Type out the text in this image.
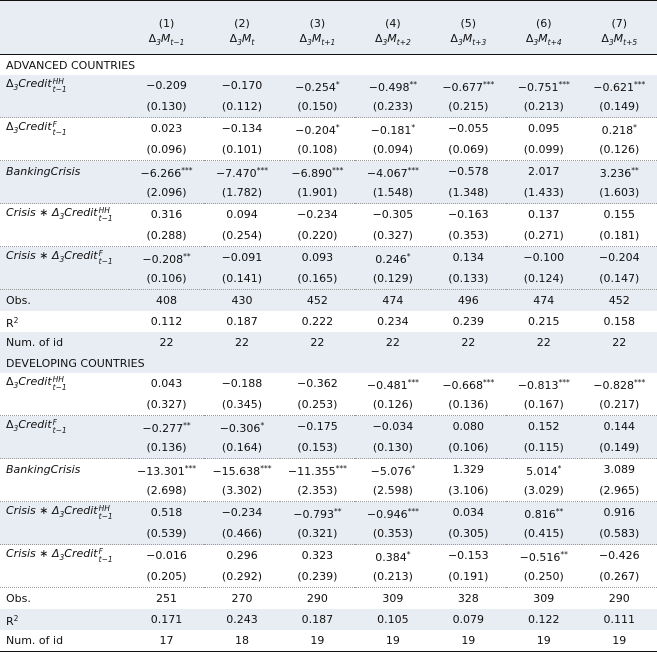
	(1)	(2)	(3)	(4)	(5)	(6)	(7)
	$\Delta_3M_{t-1}$	$\Delta_3M_t$	$\Delta_3M_{t+1}$	$\Delta_3M_{t+2}$	$\Delta_3M_{t+3}$	$\Delta_3M_{t+4}$	$\Delta_3M_{t+5}$
ADVANCED COUNTRIES							
$\Delta_3Credit$ HH
t−1	−0.209	−0.170	−0.254*	−0.498**	−0.677***	−0.751***	−0.621***
	(0.130)	(0.112)	(0.150)	(0.233)	(0.215)	(0.213)	(0.149)
$\Delta_3Credit$ F
t−1	0.023	−0.134	−0.204*	−0.181*	−0.055	0.095	0.218*
	(0.096)	(0.101)	(0.108)	(0.094)	(0.069)	(0.099)	(0.126)
BankingCrisis	−6.266***	−7.470***	−6.890***	−4.067***	−0.578	2.017	3.236**
	(2.096)	(1.782)	(1.901)	(1.548)	(1.348)	(1.433)	(1.603)
Crisis ∗ $\Delta_3Credit$ HH
t−1	0.316	0.094	−0.234	−0.305	−0.163	0.137	0.155
	(0.288)	(0.254)	(0.220)	(0.327)	(0.353)	(0.271)	(0.181)
Crisis ∗ $\Delta_3Credit$ F
t−1	−0.208**	−0.091	0.093	0.246*	0.134	−0.100	−0.204
	(0.106)	(0.141)	(0.165)	(0.129)	(0.133)	(0.124)	(0.147)
Obs.	408	430	452	474	496	474	452
$R^2$	0.112	0.187	0.222	0.234	0.239	0.215	0.158
Num. of id	22	22	22	22	22	22	22
DEVELOPING COUNTRIES							
$\Delta_3Credit$ HH
t−1	0.043	−0.188	−0.362	−0.481***	−0.668***	−0.813***	−0.828***
	(0.327)	(0.345)	(0.253)	(0.126)	(0.136)	(0.167)	(0.217)
$\Delta_3Credit$ F
t−1	−0.277**	−0.306*	−0.175	−0.034	0.080	0.152	0.144
	(0.136)	(0.164)	(0.153)	(0.130)	(0.106)	(0.115)	(0.149)
BankingCrisis	−13.301***	−15.638***	−11.355***	−5.076*	1.329	5.014*	3.089
	(2.698)	(3.302)	(2.353)	(2.598)	(3.106)	(3.029)	(2.965)
Crisis ∗ $\Delta_3Credit$ HH
t−1	0.518	−0.234	−0.793**	−0.946***	0.034	0.816**	0.916
	(0.539)	(0.466)	(0.321)	(0.353)	(0.305)	(0.415)	(0.583)
Crisis ∗ $\Delta_3Credit$ F
t−1	−0.016	0.296	0.323	0.384*	−0.153	−0.516**	−0.426
	(0.205)	(0.292)	(0.239)	(0.213)	(0.191)	(0.250)	(0.267)
Obs.	251	270	290	309	328	309	290
$R^2$	0.171	0.243	0.187	0.105	0.079	0.122	0.111
Num. of id	17	18	19	19	19	19	19
